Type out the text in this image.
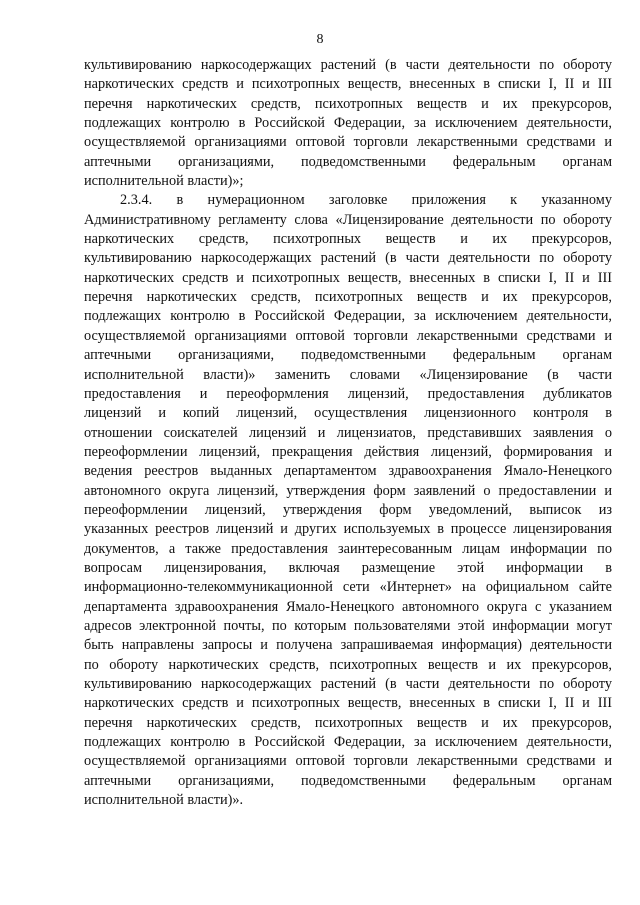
8
культивированию наркосодержащих растений (в части деятельности по обороту
наркотических средств и психотропных веществ, внесенных в списки I, II и III
перечня наркотических средств, психотропных веществ и их прекурсоров,
подлежащих контролю в Российской Федерации, за исключением деятельности,
осуществляемой организациями оптовой торговли лекарственными средствами и
аптечными организациями, подведомственными федеральным органам
исполнительной власти)»;
2.3.4. в нумерационном заголовке приложения к указанному
Административному регламенту слова «Лицензирование деятельности по обороту
наркотических средств, психотропных веществ и их прекурсоров,
культивированию наркосодержащих растений (в части деятельности по обороту
наркотических средств и психотропных веществ, внесенных в списки I, II и III
перечня наркотических средств, психотропных веществ и их прекурсоров,
подлежащих контролю в Российской Федерации, за исключением деятельности,
осуществляемой организациями оптовой торговли лекарственными средствами и
аптечными организациями, подведомственными федеральным органам
исполнительной власти)» заменить словами «Лицензирование (в части
предоставления и переоформления лицензий, предоставления дубликатов
лицензий и копий лицензий, осуществления лицензионного контроля в
отношении соискателей лицензий и лицензиатов, представивших заявления о
переоформлении лицензий, прекращения действия лицензий, формирования и
ведения реестров выданных департаментом здравоохранения Ямало-Ненецкого
автономного округа лицензий, утверждения форм заявлений о предоставлении и
переоформлении лицензий, утверждения форм уведомлений, выписок из
указанных реестров лицензий и других используемых в процессе лицензирования
документов, а также предоставления заинтересованным лицам информации по
вопросам лицензирования, включая размещение этой информации в
информационно-телекоммуникационной сети «Интернет» на официальном сайте
департамента здравоохранения Ямало-Ненецкого автономного округа с указанием
адресов электронной почты, по которым пользователями этой информации могут
быть направлены запросы и получена запрашиваемая информация) деятельности
по обороту наркотических средств, психотропных веществ и их прекурсоров,
культивированию наркосодержащих растений (в части деятельности по обороту
наркотических средств и психотропных веществ, внесенных в списки I, II и III
перечня наркотических средств, психотропных веществ и их прекурсоров,
подлежащих контролю в Российской Федерации, за исключением деятельности,
осуществляемой организациями оптовой торговли лекарственными средствами и
аптечными организациями, подведомственными федеральным органам
исполнительной власти)».
